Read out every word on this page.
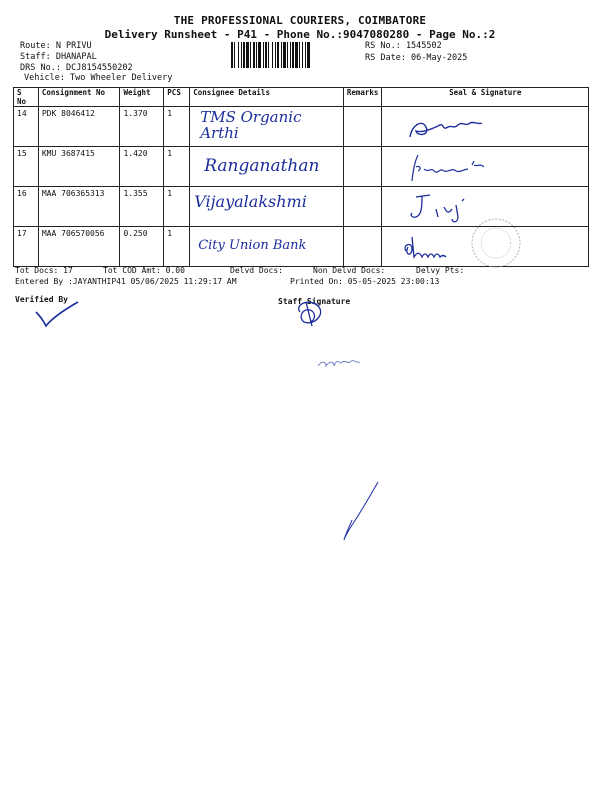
THE PROFESSIONAL COURIERS, COIMBATORE
Delivery Runsheet - P41 - Phone No.:9047080280 - Page No.:2
Route: N PRIVU
Staff: DHANAPAL
DRS No.: DCJ8154550202
Vehicle: Two Wheeler Delivery
RS No.: 1545502
RS Date: 06-May-2025
S No	Consignment No	Weight	PCS	Consignee Details	Remarks	Seal & Signature
14	PDK 8046412	1.370	1	TMS Organic Arthi

15	KMU 3687415	1.420	1	Ranganathan

16	MAA 706365313	1.355	1	Vijayalakshmi

17	MAA 706570056	0.250	1	City Union Bank

Tot Docs: 17	Tot COD Amt: 0.00	Delvd Docs:	Non Delvd Docs:	Delvy Pts:
Entered By :JAYANTHIP41 05/06/2025 11:29:17 AM	Printed On: 05-05-2025 23:00:13
Verified By	Staff Signature
